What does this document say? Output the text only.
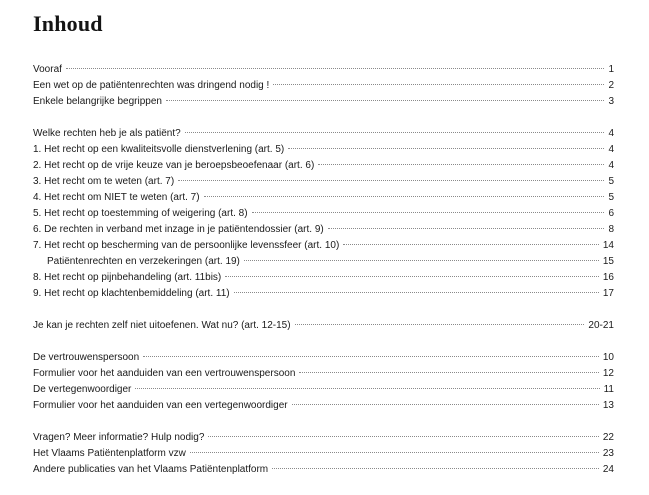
Inhoud
Vooraf	1
Een wet op de patiëntenrechten was dringend nodig !	2
Enkele belangrijke begrippen	3
Welke rechten heb je als patiënt?	4
1. Het recht op een kwaliteitsvolle dienstverlening (art. 5)	4
2. Het recht op de vrije keuze van je beroepsbeoefenaar (art. 6)	4
3. Het recht om te weten (art. 7)	5
4. Het recht om NIET te weten (art. 7)	5
5. Het recht op toestemming of weigering (art. 8)	6
6. De rechten in verband met inzage in je patiëntendossier (art. 9)	8
7. Het recht op bescherming van de persoonlijke levenssfeer (art. 10)	14
Patiëntenrechten en verzekeringen (art. 19)	15
8. Het recht op pijnbehandeling (art. 11bis)	16
9. Het recht op klachtenbemiddeling (art. 11)	17
Je kan je rechten zelf niet uitoefenen. Wat nu? (art. 12-15)	20-21
De vertrouwenspersoon	10
Formulier voor het aanduiden van een vertrouwenspersoon	12
De vertegenwoordiger	11
Formulier voor het aanduiden van een vertegenwoordiger	13
Vragen? Meer informatie? Hulp nodig?	22
Het Vlaams Patiëntenplatform vzw	23
Andere publicaties van het Vlaams Patiëntenplatform	24
